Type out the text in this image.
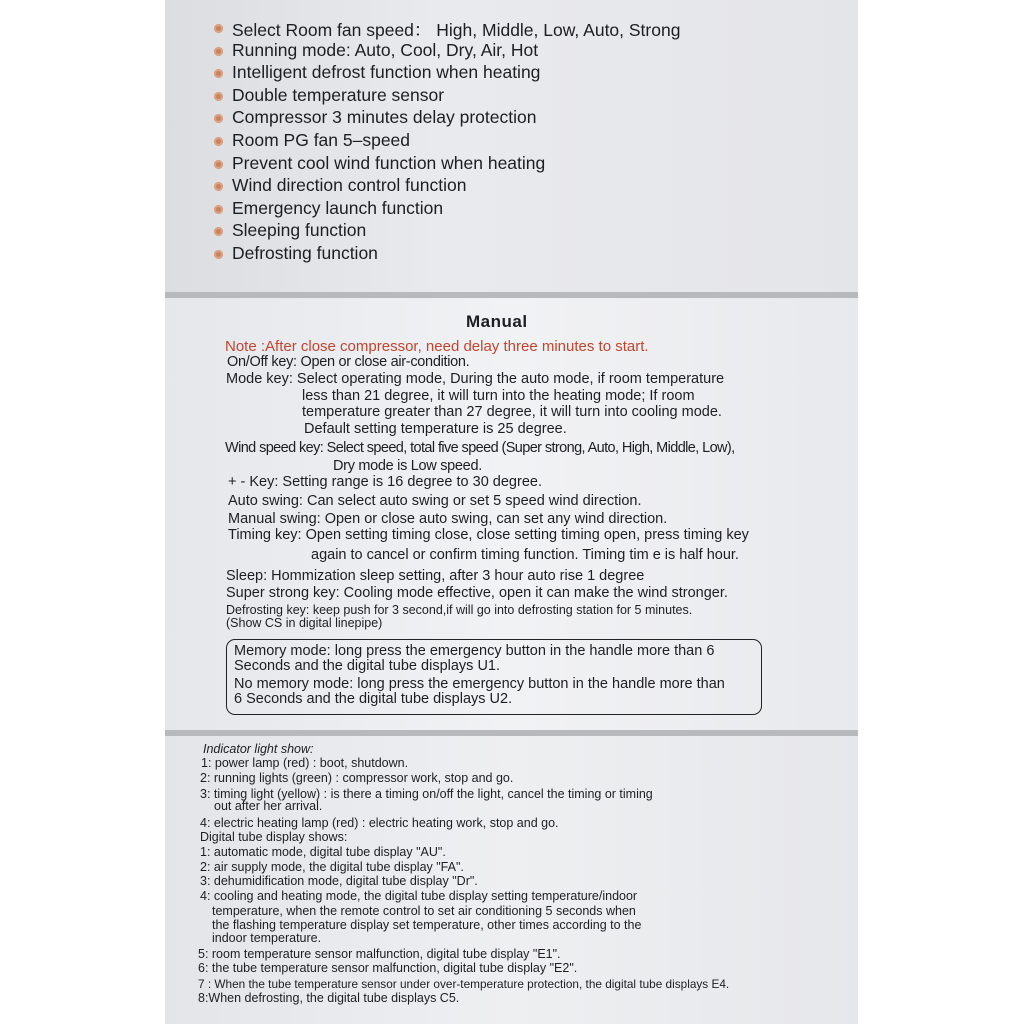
Select Room fan speed： High, Middle, Low, Auto, Strong
Running mode: Auto, Cool, Dry, Air, Hot
Intelligent defrost function when heating
Double temperature sensor
Compressor 3 minutes delay protection
Room PG fan 5–speed
Prevent cool wind function when heating
Wind direction control function
Emergency launch function
Sleeping function
Defrosting function
Manual
Note :After close compressor, need delay three minutes to start.
On/Off key: Open or close air-condition.
Mode key: Select operating mode, During the auto mode, if room temperature
less than 21 degree, it will turn into the heating mode; If room
temperature greater than 27 degree, it will turn into cooling mode.
Default setting temperature is 25 degree.
Wind speed key: Select speed, total five speed (Super strong, Auto, High, Middle, Low),
Dry mode is Low speed.
+ - Key: Setting range is 16 degree to 30 degree.
Auto swing: Can select auto swing or set 5 speed wind direction.
Manual swing: Open or close auto swing, can set any wind direction.
Timing key: Open setting timing close, close setting timing open, press timing key
again to cancel or confirm timing function. Timing tim e is half hour.
Sleep: Hommization sleep setting, after 3 hour auto rise 1 degree
Super strong key: Cooling mode effective, open it can make the wind stronger.
Defrosting key: keep push for 3 second,if will go into defrosting station for 5 minutes.
(Show CS in digital linepipe)
Memory mode: long press the emergency button in the handle more than 6
Seconds and the digital tube displays U1.
No memory mode: long press the emergency button in the handle more than
6 Seconds and the digital tube displays U2.
Indicator light show:
1: power lamp (red) : boot, shutdown.
2: running lights (green) : compressor work, stop and go.
3: timing light (yellow) : is there a timing on/off the light, cancel the timing or timing
out after her arrival.
4: electric heating lamp (red) : electric heating work, stop and go.
Digital tube display shows:
1: automatic mode, digital tube display "AU".
2: air supply mode, the digital tube display "FA".
3: dehumidification mode, digital tube display "Dr".
4: cooling and heating mode, the digital tube display setting temperature/indoor
temperature, when the remote control to set air conditioning 5 seconds when
the flashing temperature display set temperature, other times according to the
indoor temperature.
5: room temperature sensor malfunction, digital tube display "E1".
6: the tube temperature sensor malfunction, digital tube display "E2".
7 : When the tube temperature sensor under over-temperature protection, the digital tube displays E4.
8:When defrosting, the digital tube displays C5.
